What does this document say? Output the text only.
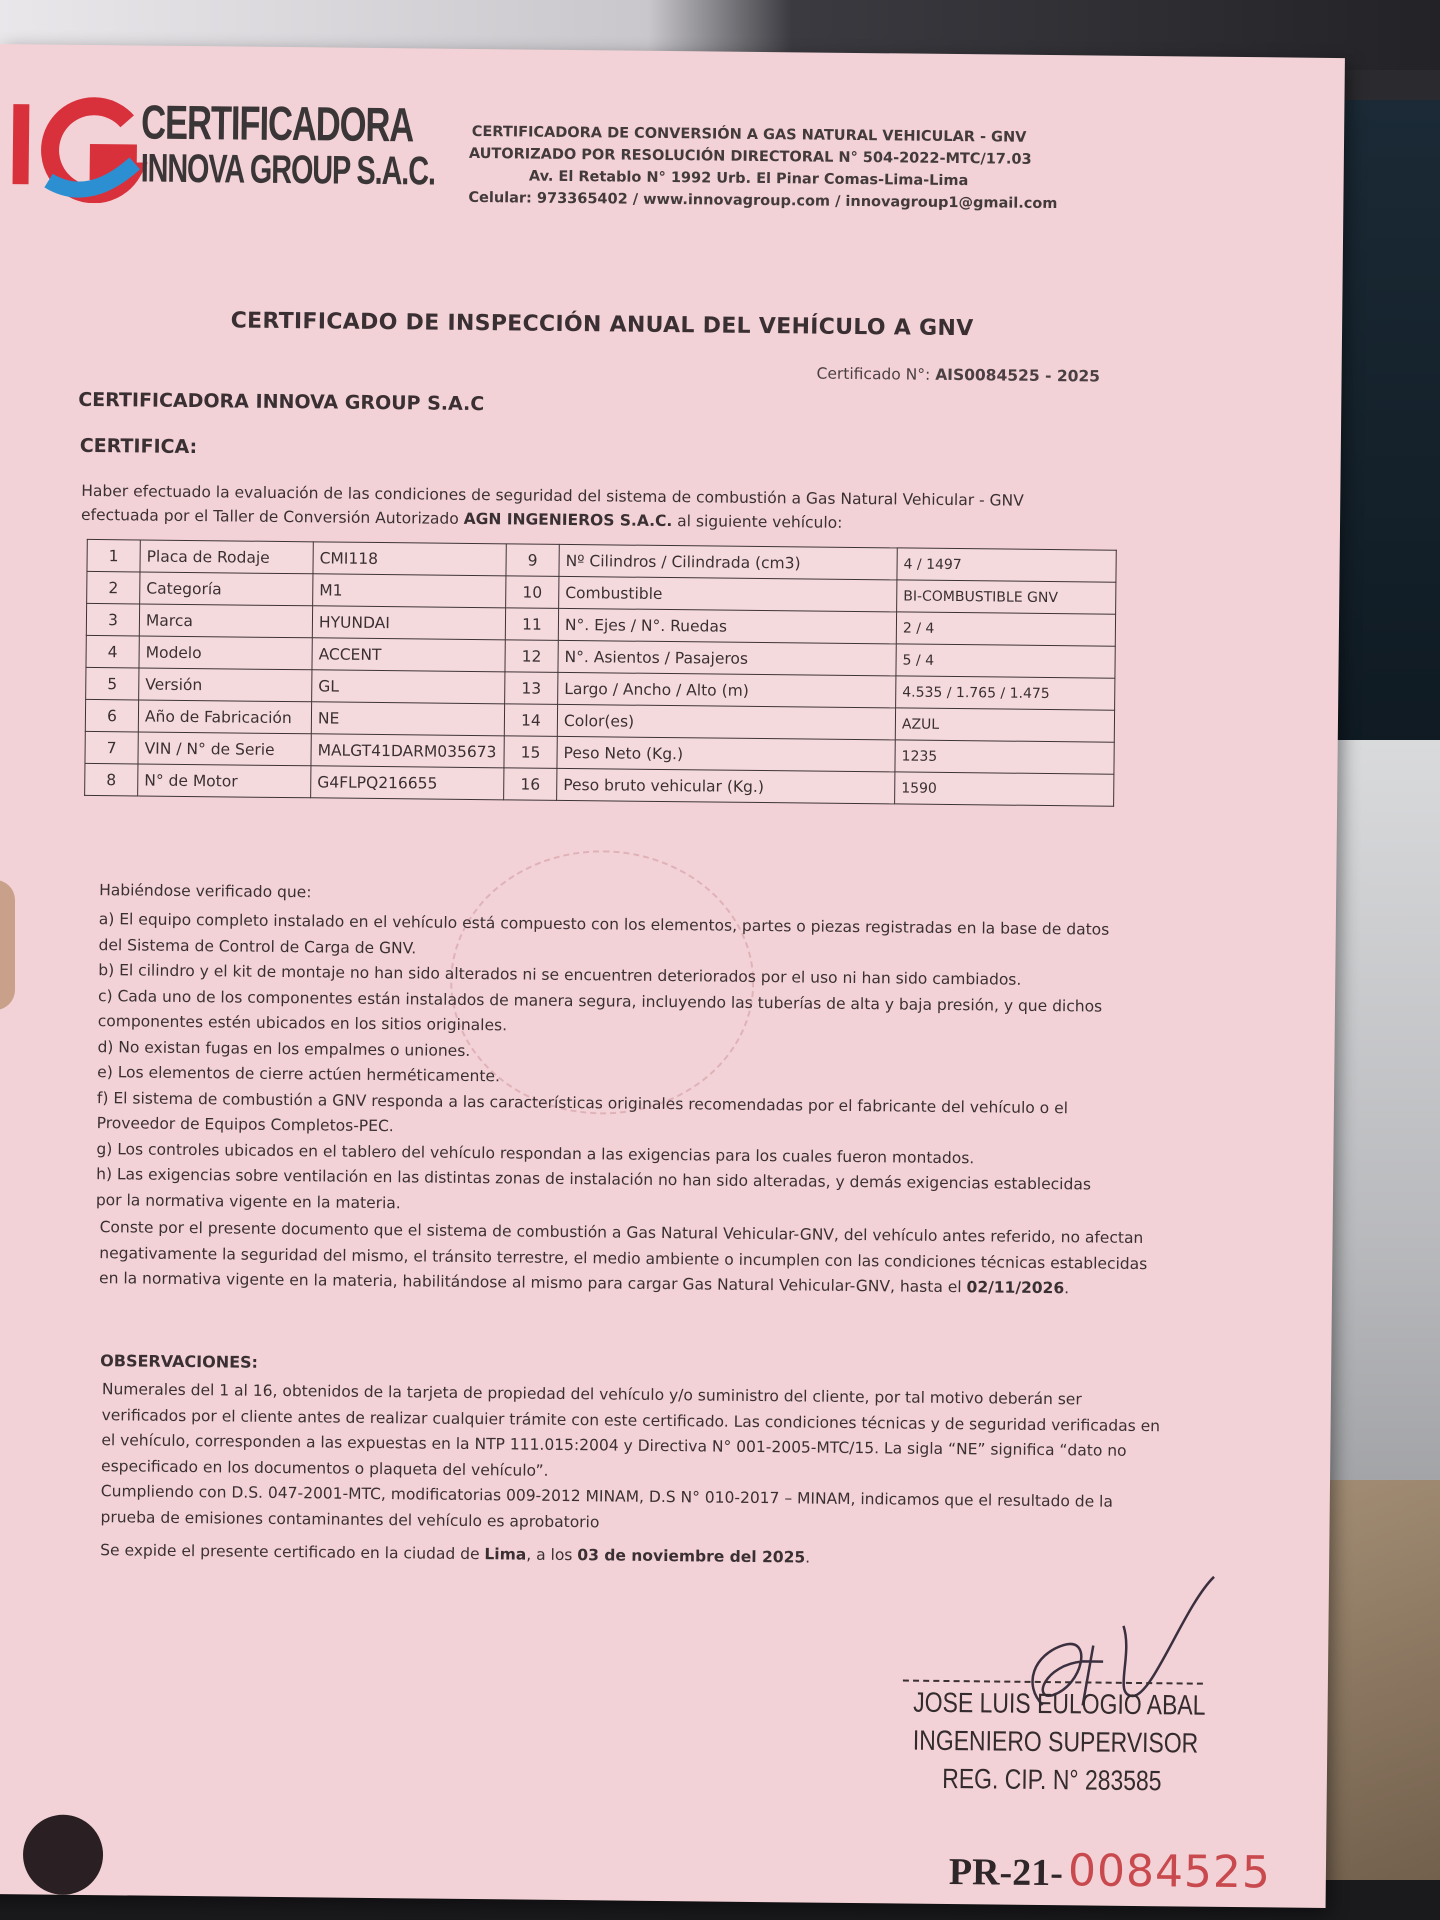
CERTIFICADORA
INNOVA GROUP S.A.C.
CERTIFICADORA DE CONVERSIÓN A GAS NATURAL VEHICULAR - GNV
AUTORIZADO POR RESOLUCIÓN DIRECTORAL N° 504-2022-MTC/17.03
Av. El Retablo N° 1992 Urb. El Pinar Comas-Lima-Lima
Celular: 973365402 / www.innovagroup.com / innovagroup1@gmail.com
CERTIFICADO DE INSPECCIÓN ANUAL DEL VEHÍCULO A GNV
Certificado N°: AIS0084525 - 2025
CERTIFICADORA INNOVA GROUP S.A.C
CERTIFICA:
Haber efectuado la evaluación de las condiciones de seguridad del sistema de combustión a Gas Natural Vehicular - GNV efectuada por el Taller de Conversión Autorizado AGN INGENIEROS S.A.C. al siguiente vehículo:
1	Placa de Rodaje	CMI118	9	Nº Cilindros / Cilindrada (cm3)	4 / 1497
2	Categoría	M1	10	Combustible	BI-COMBUSTIBLE GNV
3	Marca	HYUNDAI	11	N°. Ejes / N°. Ruedas	2 / 4
4	Modelo	ACCENT	12	N°. Asientos / Pasajeros	5 / 4
5	Versión	GL	13	Largo / Ancho / Alto (m)	4.535 / 1.765 / 1.475
6	Año de Fabricación	NE	14	Color(es)	AZUL
7	VIN / N° de Serie	MALGT41DARM035673	15	Peso Neto (Kg.)	1235
8	N° de Motor	G4FLPQ216655	16	Peso bruto vehicular (Kg.)	1590
Habiéndose verificado que:
a) El equipo completo instalado en el vehículo está compuesto con los elementos, partes o piezas registradas en la base de datos del Sistema de Control de Carga de GNV.
b) El cilindro y el kit de montaje no han sido alterados ni se encuentren deteriorados por el uso ni han sido cambiados.
c) Cada uno de los componentes están instalados de manera segura, incluyendo las tuberías de alta y baja presión, y que dichos componentes estén ubicados en los sitios originales.
d) No existan fugas en los empalmes o uniones.
e) Los elementos de cierre actúen herméticamente.
f) El sistema de combustión a GNV responda a las características originales recomendadas por el fabricante del vehículo o el Proveedor de Equipos Completos-PEC.
g) Los controles ubicados en el tablero del vehículo respondan a las exigencias para los cuales fueron montados.
h) Las exigencias sobre ventilación en las distintas zonas de instalación no han sido alteradas, y demás exigencias establecidas por la normativa vigente en la materia.
Conste por el presente documento que el sistema de combustión a Gas Natural Vehicular-GNV, del vehículo antes referido, no afectan negativamente la seguridad del mismo, el tránsito terrestre, el medio ambiente o incumplen con las condiciones técnicas establecidas en la normativa vigente en la materia, habilitándose al mismo para cargar Gas Natural Vehicular-GNV, hasta el 02/11/2026.
OBSERVACIONES:
Numerales del 1 al 16, obtenidos de la tarjeta de propiedad del vehículo y/o suministro del cliente, por tal motivo deberán ser verificados por el cliente antes de realizar cualquier trámite con este certificado. Las condiciones técnicas y de seguridad verificadas en el vehículo, corresponden a las expuestas en la NTP 111.015:2004 y Directiva N° 001-2005-MTC/15. La sigla “NE” significa “dato no especificado en los documentos o plaqueta del vehículo”.
Cumpliendo con D.S. 047-2001-MTC, modificatorias 009-2012 MINAM, D.S N° 010-2017 – MINAM, indicamos que el resultado de la prueba de emisiones contaminantes del vehículo es aprobatorio
Se expide el presente certificado en la ciudad de Lima, a los 03 de noviembre del 2025.
JOSE LUIS EULOGIO ABAL
INGENIERO SUPERVISOR
REG. CIP. N° 283585
PR-21- 0084525
